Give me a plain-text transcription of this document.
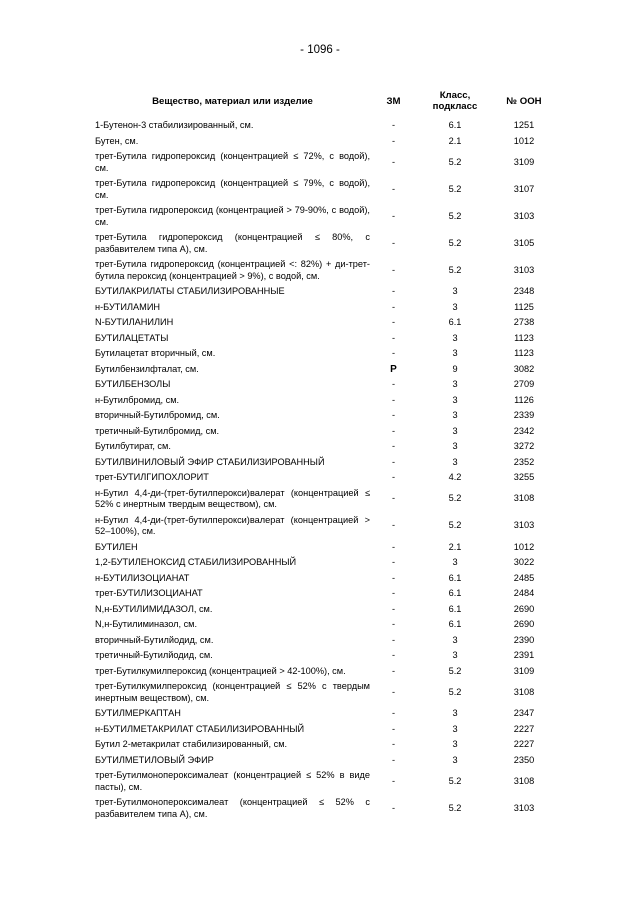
- 1096 -
Вещество, материал или изделие	ЗМ	Класс, подкласс	№ ООН
1-Бутенон-3 стабилизированный, см.	-	6.1	1251
Бутен, см.	-	2.1	1012
трет-Бутила гидропероксид (концентрацией ≤ 72%, с водой), см.	-	5.2	3109
трет-Бутила гидропероксид (концентрацией ≤ 79%, с водой), см.	-	5.2	3107
трет-Бутила гидропероксид (концентрацией > 79-90%, с водой), см.	-	5.2	3103
трет-Бутила гидропероксид (концентрацией ≤ 80%, с разбавителем типа А), см.	-	5.2	3105
трет-Бутила гидропероксид (концентрацией <: 82%) + ди-трет-бутила пероксид (концентрацией > 9%), с водой, см.	-	5.2	3103
БУТИЛАКРИЛАТЫ СТАБИЛИЗИРОВАННЫЕ	-	3	2348
н-БУТИЛАМИН	-	3	1125
N-БУТИЛАНИЛИН	-	6.1	2738
БУТИЛАЦЕТАТЫ	-	3	1123
Бутилацетат вторичный, см.	-	3	1123
Бутилбензилфталат, см.	Р	9	3082
БУТИЛБЕНЗОЛЫ	-	3	2709
н-Бутилбромид, см.	-	3	1126
вторичный-Бутилбромид, см.	-	3	2339
третичный-Бутилбромид, см.	-	3	2342
Бутилбутират, см.	-	3	3272
БУТИЛВИНИЛОВЫЙ ЭФИР СТАБИЛИЗИРОВАННЫЙ	-	3	2352
трет-БУТИЛГИПОХЛОРИТ	-	4.2	3255
н-Бутил 4,4-ди-(трет-бутилперокси)валерат (концентрацией ≤ 52% с инертным твердым веществом), см.	-	5.2	3108
н-Бутил 4,4-ди-(трет-бутилперокси)валерат (концентрацией > 52–100%), см.	-	5.2	3103
БУТИЛЕН	-	2.1	1012
1,2-БУТИЛЕНОКСИД СТАБИЛИЗИРОВАННЫЙ	-	3	3022
н-БУТИЛИЗОЦИАНАТ	-	6.1	2485
трет-БУТИЛИЗОЦИАНАТ	-	6.1	2484
N,н-БУТИЛИМИДАЗОЛ, см.	-	6.1	2690
N,н-Бутилиминазол, см.	-	6.1	2690
вторичный-Бутилйодид, см.	-	3	2390
третичный-Бутилйодид, см.	-	3	2391
трет-Бутилкумилпероксид (концентрацией > 42-100%), см.	-	5.2	3109
трет-Бутилкумилпероксид (концентрацией ≤ 52% с твердым инертным веществом), см.	-	5.2	3108
БУТИЛМЕРКАПТАН	-	3	2347
н-БУТИЛМЕТАКРИЛАТ СТАБИЛИЗИРОВАННЫЙ	-	3	2227
Бутил 2-метакрилат стабилизированный, см.	-	3	2227
БУТИЛМЕТИЛОВЫЙ ЭФИР	-	3	2350
трет-Бутилмонопероксималеат (концентрацией ≤ 52% в виде пасты), см.	-	5.2	3108
трет-Бутилмонопероксималеат (концентрацией ≤ 52% с разбавителем типа А), см.	-	5.2	3103
